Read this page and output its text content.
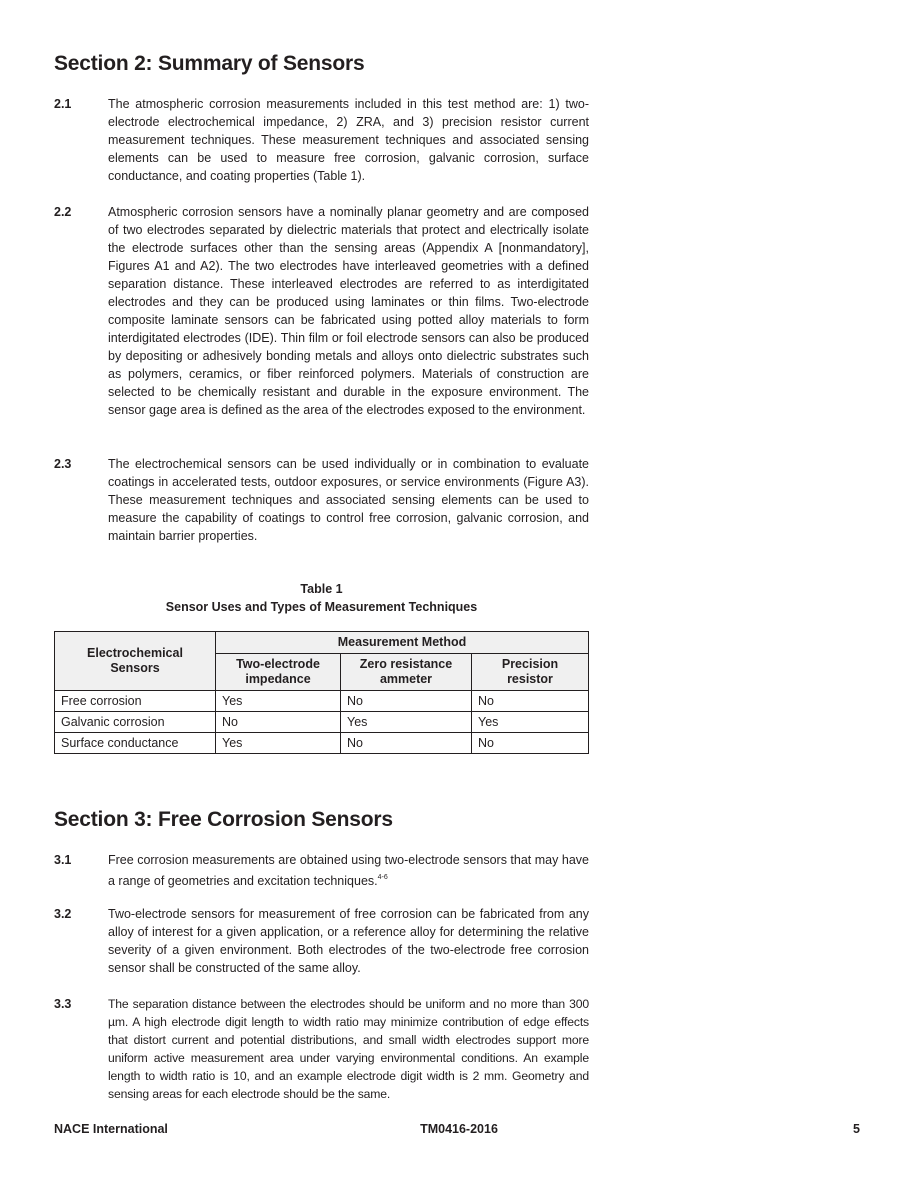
Section 2: Summary of Sensors
2.1	The atmospheric corrosion measurements included in this test method are: 1) two-electrode electrochemical impedance, 2) ZRA, and 3) precision resistor current measurement techniques. These measurement techniques and associated sensing elements can be used to measure free corrosion, galvanic corrosion, surface conductance, and coating properties (Table 1).
2.2	Atmospheric corrosion sensors have a nominally planar geometry and are composed of two electrodes separated by dielectric materials that protect and electrically isolate the electrode surfaces other than the sensing areas (Appendix A [nonmandatory], Figures A1 and A2). The two electrodes have interleaved geometries with a defined separation distance. These interleaved electrodes are referred to as interdigitated electrodes and they can be produced using laminates or thin films. Two-electrode composite laminate sensors can be fabricated using potted alloy materials to form interdigitated electrodes (IDE). Thin film or foil electrode sensors can also be produced by depositing or adhesively bonding metals and alloys onto dielectric substrates such as polymers, ceramics, or fiber reinforced polymers. Materials of construction are selected to be chemically resistant and durable in the exposure environment. The sensor gage area is defined as the area of the electrodes exposed to the environment.
2.3	The electrochemical sensors can be used individually or in combination to evaluate coatings in accelerated tests, outdoor exposures, or service environments (Figure A3). These measurement techniques and associated sensing elements can be used to measure the capability of coatings to control free corrosion, galvanic corrosion, and maintain barrier properties.
Table 1
Sensor Uses and Types of Measurement Techniques
Electrochemical Sensors	Measurement Method		
	Two-electrode impedance	Zero resistance ammeter	Precision resistor
Free corrosion	Yes	No	No
Galvanic corrosion	No	Yes	Yes
Surface conductance	Yes	No	No
Section 3: Free Corrosion Sensors
3.1	Free corrosion measurements are obtained using two-electrode sensors that may have a range of geometries and excitation techniques.$^{4-6}$
3.2	Two-electrode sensors for measurement of free corrosion can be fabricated from any alloy of interest for a given application, or a reference alloy for determining the relative severity of a given environment. Both electrodes of the two-electrode free corrosion sensor shall be constructed of the same alloy.
3.3	The separation distance between the electrodes should be uniform and no more than 300 µm. A high electrode digit length to width ratio may minimize contribution of edge effects that distort current and potential distributions, and small width electrodes support more uniform active measurement area under varying environmental conditions. An example length to width ratio is 10, and an example electrode digit width is 2 mm. Geometry and sensing areas for each electrode should be the same.
NACE International	TM0416-2016	5
